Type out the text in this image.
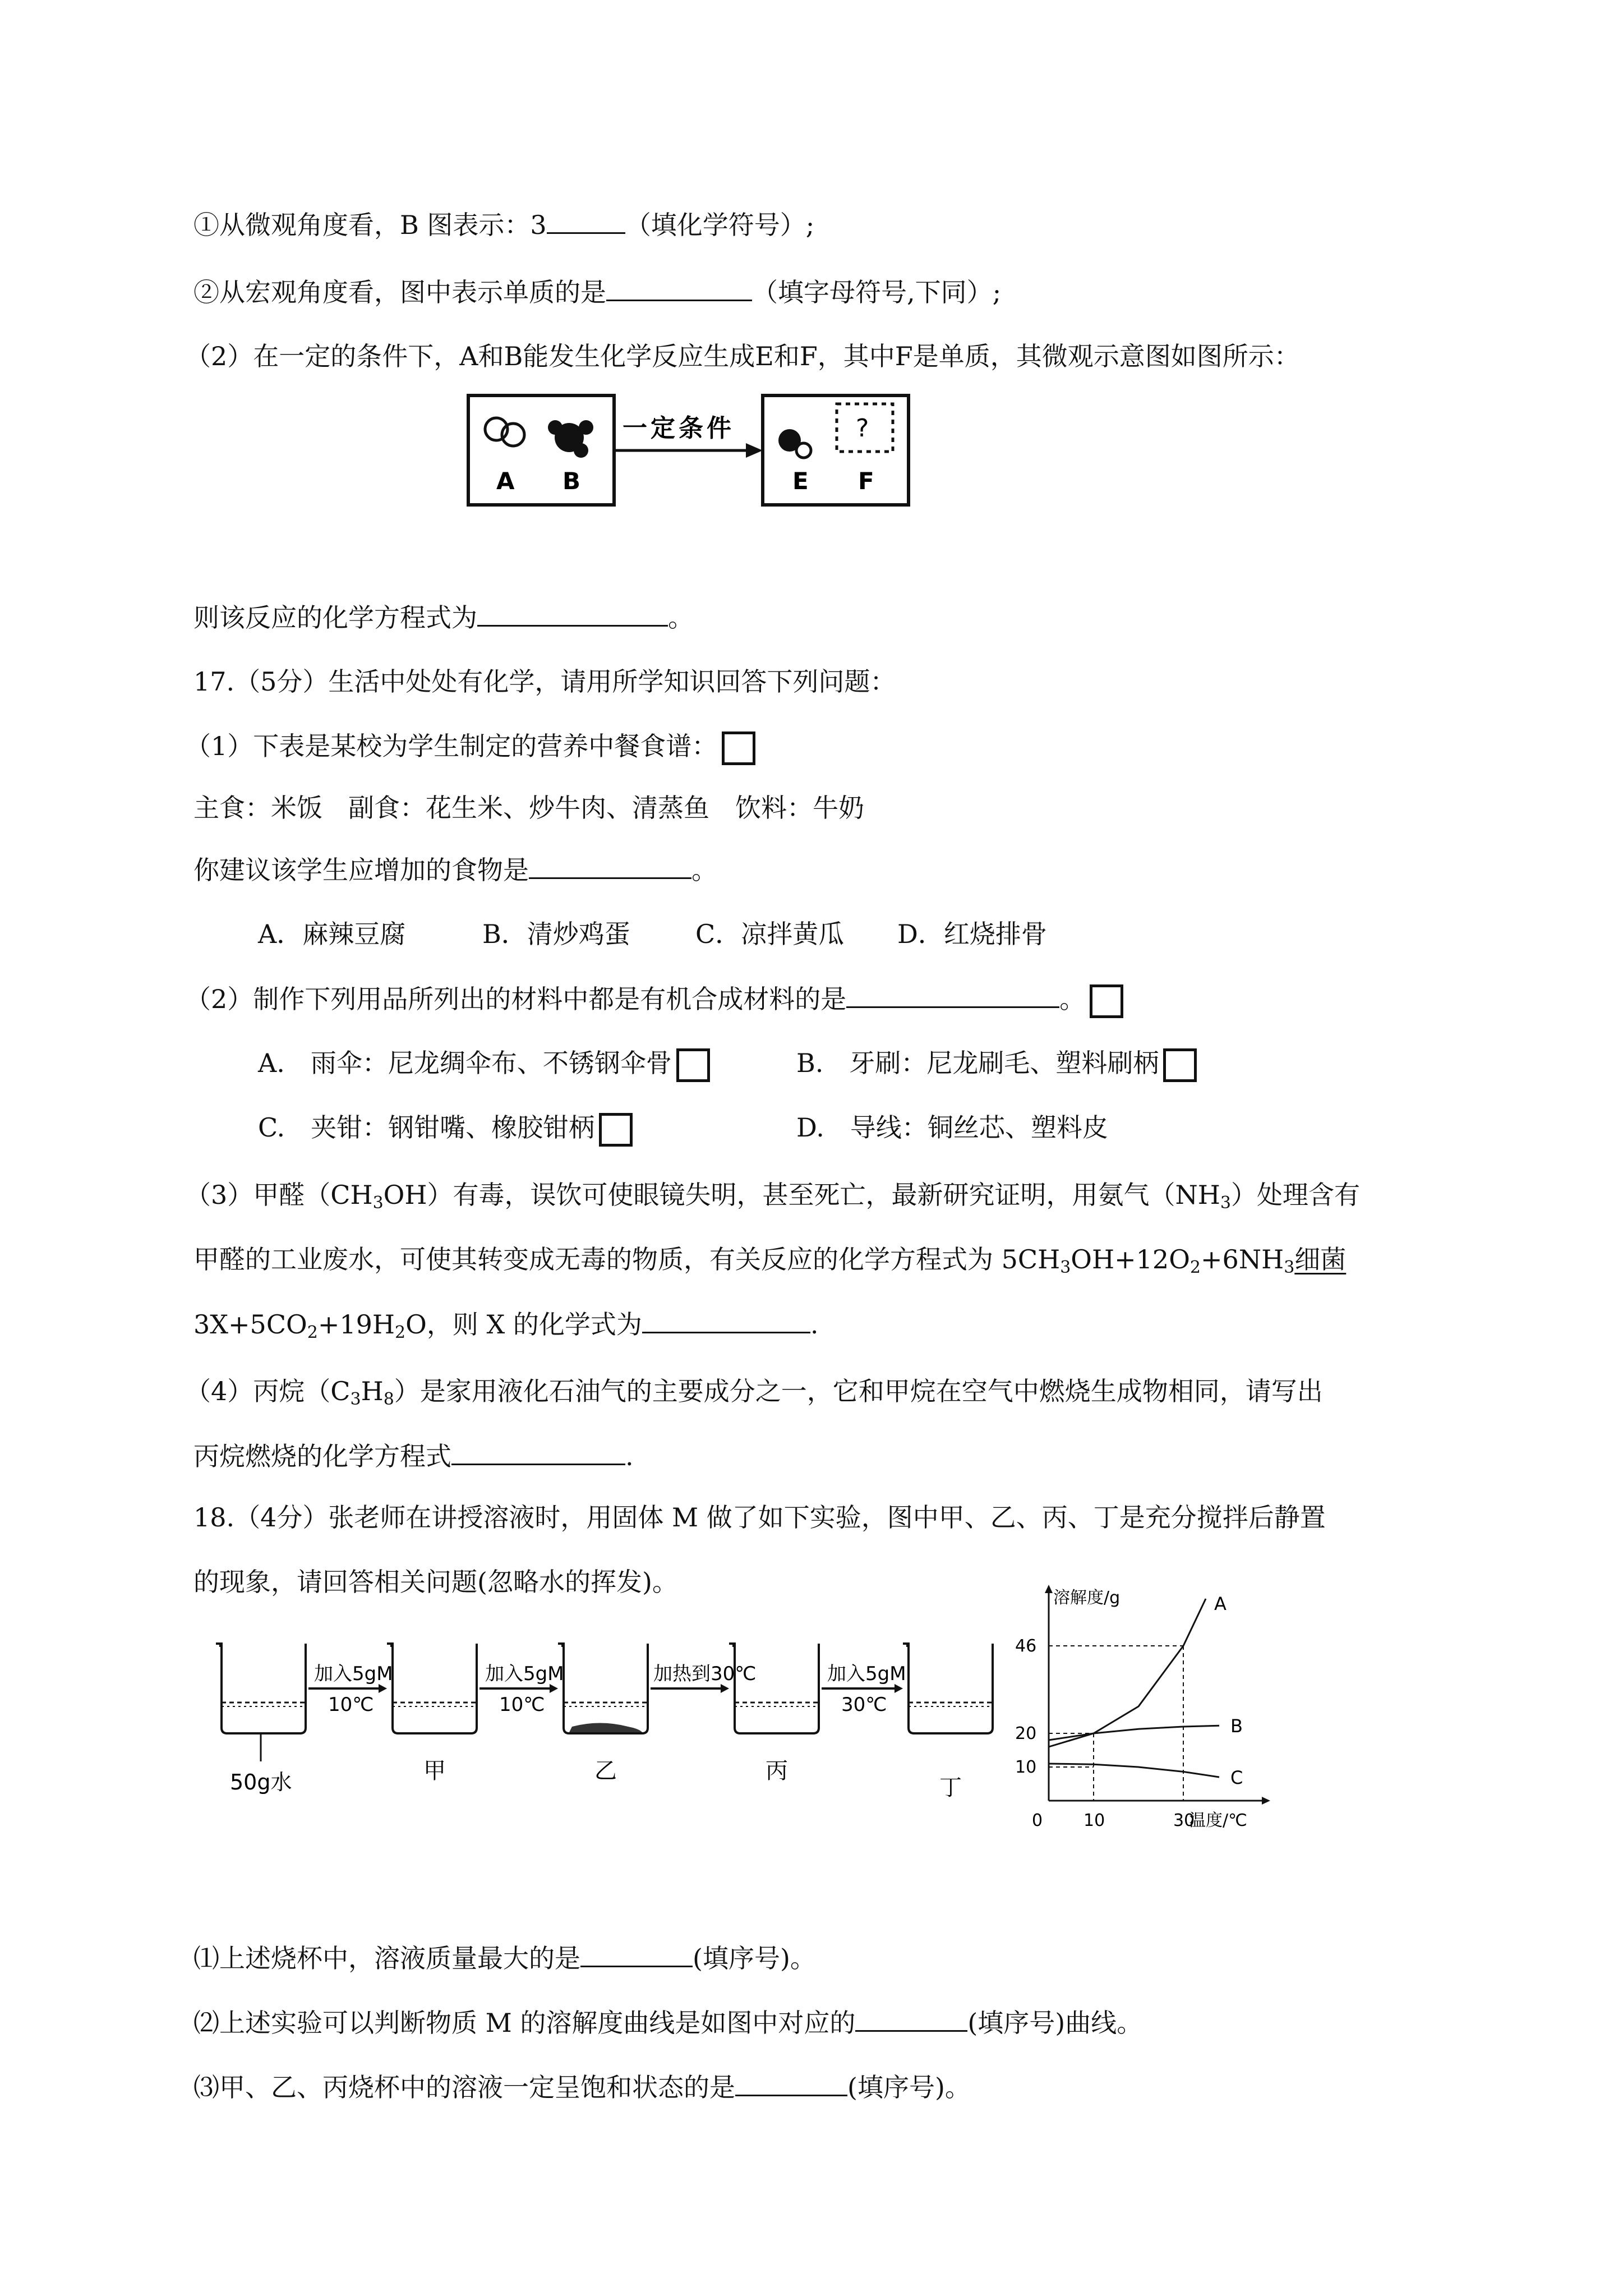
①从微观角度看，B 图表示：3	（填化学符号）;
②从宏观角度看，图中表示单质的是	（填字母符号,下同）;
（2）在一定的条件下，A和B能发生化学反应生成E和F，其中F是单质，其微观示意图如图所示：
A B
一定条件	?
E F
则该反应的化学方程式为	。
17.（5分）生活中处处有化学，请用所学知识回答下列问题：
（1）下表是某校为学生制定的营养中餐食谱：
主食：米饭　副食：花生米、炒牛肉、清蒸鱼　饮料：牛奶
你建议该学生应增加的食物是	。
A．麻辣豆腐	B．清炒鸡蛋	C．凉拌黄瓜 D．红烧排骨
（2）制作下列用品所列出的材料中都是有机合成材料的是	。
A.　雨伞：尼龙绸伞布、不锈钢伞骨	B.　牙刷：尼龙刷毛、塑料刷柄
C.　夹钳：钢钳嘴、橡胶钳柄	D.　导线：铜丝芯、塑料皮
（3）甲醛$(CH_3OH)$有毒，误饮可使眼镜失明，甚至死亡，最新研究证明，用氨气$(NH_3)$处理含有
甲醛的工业废水，可使其转变成无毒的物质，有关反应的化学方程式为 $5CH_3OH+12O_2+6NH_3$细菌
$3X+5CO_2+19H_2O$，则 X 的化学式为	.
（4）丙烷$(C_3H_8)$是家用液化石油气的主要成分之一，它和甲烷在空气中燃烧生成物相同，请写出
丙烷燃烧的化学方程式	.
18.（4分）张老师在讲授溶液时，用固体 M 做了如下实验，图中甲、乙、丙、丁是充分搅拌后静置
的现象，请回答相关问题(忽略水的挥发)。
50g水	甲	乙	丙
丁
加入5gM
10℃
加入5gM
10℃
加热到30℃	加入5gM
30℃
溶解度/g
温度/℃
0 10	30
10
20
46
A
B
C
⑴上述烧杯中，溶液质量最大的是	(填序号)。
⑵上述实验可以判断物质 M 的溶解度曲线是如图中对应的	(填序号)曲线。
⑶甲、乙、丙烧杯中的溶液一定呈饱和状态的是	(填序号)。
